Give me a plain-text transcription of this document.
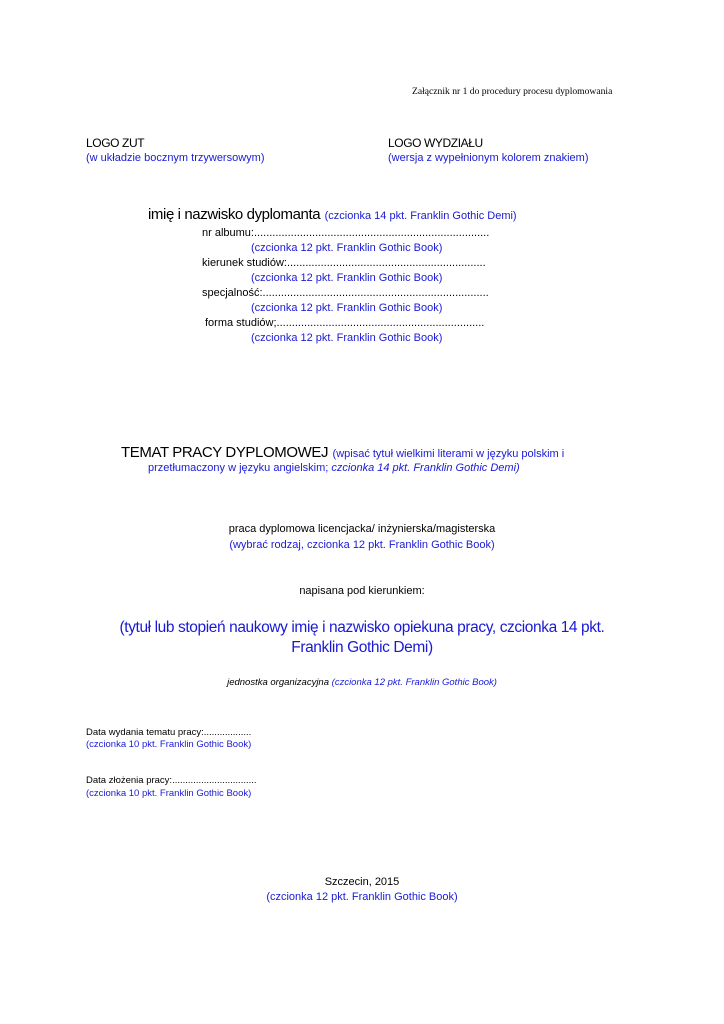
Załącznik nr 1 do procedury procesu dyplomowania
LOGO ZUT
(w układzie bocznym trzywersowym)
LOGO WYDZIAŁU
(wersja z wypełnionym kolorem znakiem)
imię i nazwisko dyplomanta (czcionka 14 pkt. Franklin Gothic Demi)
nr albumu:.............................................................................
(czcionka 12 pkt. Franklin Gothic Book)
kierunek studiów:.................................................................
(czcionka 12 pkt. Franklin Gothic Book)
specjalność:..........................................................................
(czcionka 12 pkt. Franklin Gothic Book)
forma studiów;....................................................................
(czcionka 12 pkt. Franklin Gothic Book)
TEMAT PRACY DYPLOMOWEJ (wpisać tytuł wielkimi literami w języku polskim i
przetłumaczony w języku angielskim; czcionka 14 pkt. Franklin Gothic Demi)
praca dyplomowa licencjacka/ inżynierska/magisterska
(wybrać rodzaj, czcionka 12 pkt. Franklin Gothic Book)
napisana pod kierunkiem:
(tytuł lub stopień naukowy imię i nazwisko opiekuna pracy, czcionka 14 pkt.
Franklin Gothic Demi)
jednostka organizacyjna (czcionka 12 pkt. Franklin Gothic Book)
Data wydania tematu pracy:..................
(czcionka 10 pkt. Franklin Gothic Book)
Data złożenia pracy:................................
(czcionka 10 pkt. Franklin Gothic Book)
Szczecin, 2015
(czcionka 12 pkt. Franklin Gothic Book)
